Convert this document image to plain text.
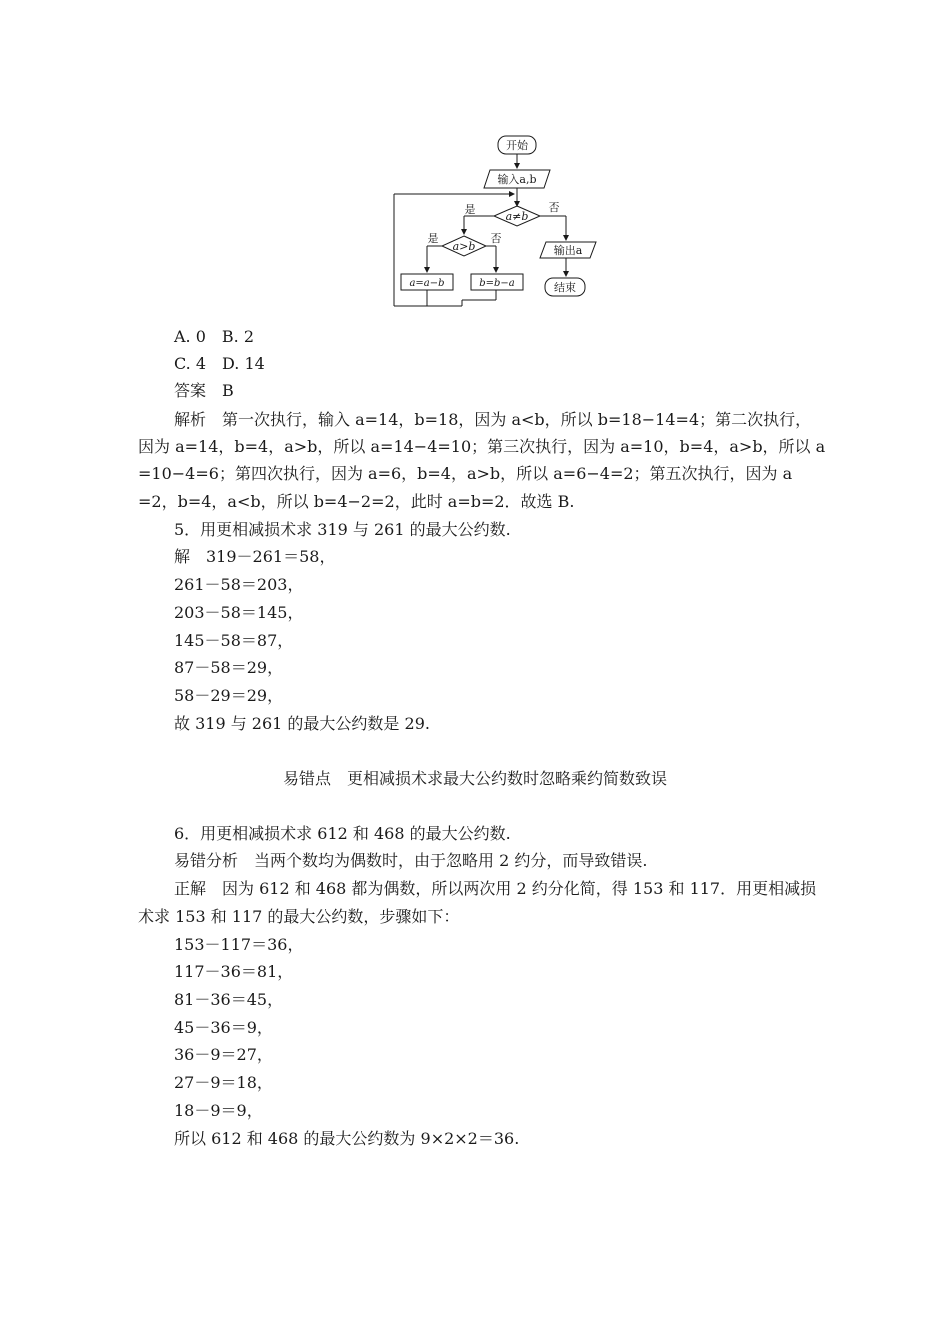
开始
输入a,b
a≠b
是	否
a>b
是	否
a=a−b	b=b−a
输出a
结束
A. 0　B. 2
C. 4　D. 14
答案　B
解析　第一次执行，输入 a=14，b=18，因为 a<b，所以 b=18−14=4；第二次执行，
因为 a=14，b=4，a>b，所以 a=14−4=10；第三次执行，因为 a=10，b=4，a>b，所以 a
=10−4=6；第四次执行，因为 a=6，b=4，a>b，所以 a=6−4=2；第五次执行，因为 a
=2，b=4，a<b，所以 b=4−2=2，此时 a=b=2．故选 B.
5．用更相减损术求 319 与 261 的最大公约数.
解　319－261＝58，
261－58＝203，
203－58＝145，
145－58＝87，
87－58＝29，
58－29＝29，
故 319 与 261 的最大公约数是 29.
易错点　更相减损术求最大公约数时忽略乘约简数致误
6．用更相减损术求 612 和 468 的最大公约数.
易错分析　当两个数均为偶数时，由于忽略用 2 约分，而导致错误.
正解　因为 612 和 468 都为偶数，所以两次用 2 约分化简，得 153 和 117．用更相减损
术求 153 和 117 的最大公约数，步骤如下：
153－117＝36，
117－36＝81，
81－36＝45，
45－36＝9，
36－9＝27，
27－9＝18，
18－9＝9，
所以 612 和 468 的最大公约数为 9×2×2＝36.
